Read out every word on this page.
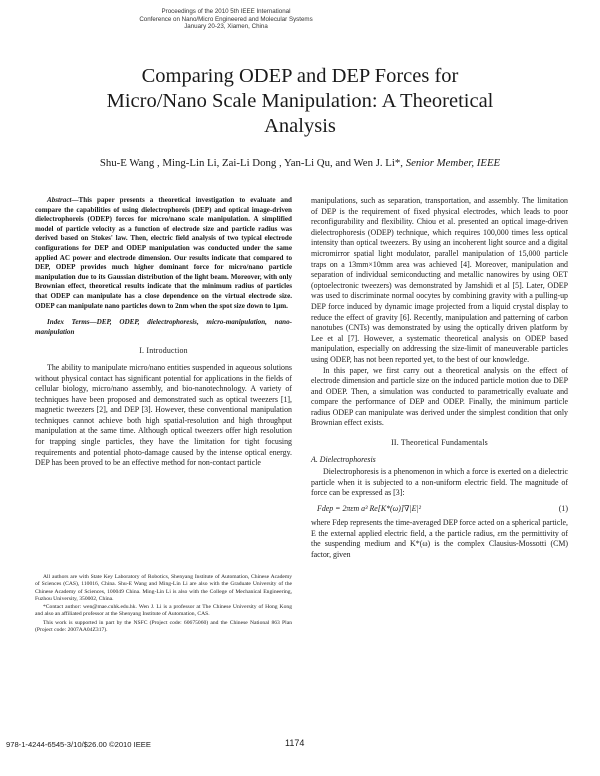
Proceedings of the 2010 5th IEEE International
Conference on Nano/Micro Engineered and Molecular Systems
January 20-23, Xiamen, China
Comparing ODEP and DEP Forces for
Micro/Nano Scale Manipulation: A Theoretical
Analysis
Shu-E Wang , Ming-Lin Li, Zai-Li Dong , Yan-Li Qu, and Wen J. Li*, Senior Member, IEEE

Abstract—This paper presents a theoretical investigation to evaluate and compare the capabilities of using dielectrophoreis (DEP) and optical image-driven dielectrophoreis (ODEP) forces for micro/nano scale manipulation. A simplified model of particle velocity as a function of electrode size and particle radius was derived based on Stokes' law. Then, electric field analysis of two typical electrode configurations for DEP and ODEP manipulation was conducted under the same applied AC power and electrode dimension. Our results indicate that compared to DEP, ODEP provides much higher dominant force for micro/nano particle manipulation due to its Gaussian distribution of the light beam. Moreover, with only Brownian effect, theoretical results indicate that the minimum radius of particles that ODEP can manipulate has a close dependence on the virtual electrode size. ODEP can manipulate nano particles down to 2nm when the spot size down to 1μm.

Index Terms—DEP, ODEP, dielectrophoresis, micro-manipulation, nano-manipulation

I. Introduction

The ability to manipulate micro/nano entities suspended in aqueous solutions without physical contact has significant potential for applications in the fields of cellular biology, micro/nano assembly, and bio-nanotechnology. A variety of techniques have been proposed and demonstrated such as optical tweezers [1], magnetic tweezers [2], and DEP [3]. However, these conventional manipulation techniques cannot achieve both high spatial-resolution and high throughput manipulation at the same time. Although optical tweezers offer high resolution for trapping single particles, they have the limitation for tight focusing requirements and potential photo-damage caused by the intense optical energy. DEP has been proved to be an effective method for non-contact particle

All authors are with State Key Laboratory of Robotics, Shenyang Institute of Automation, Chinese Academy of Sciences (CAS), 110016, China. Shu-E Wang and Ming-Lin Li are also with the Graduate University of the Chinese Academy of Sciences, 100049 China. Ming-Lin Li is also with the College of Mechanical Engineering, Fuzhou University, 350002, China.

*Contact author: wen@mae.cuhk.edu.hk. Wen J. Li is a professor at The Chinese University of Hong Kong and also an affiliated professor at the Shenyang Institute of Automation, CAS.

This work is supported in part by the NSFC (Project code: 60675060) and the Chinese National 863 Plan (Project code: 2007AA04Z317).

manipulations, such as separation, transportation, and assembly. The limitation of DEP is the requirement of fixed physical electrodes, which leads to poor reconfigurability and flexibility. Chiou et al. presented an optical image-driven dielectrophoresis (ODEP) technique, which requires 100,000 times less optical intensity than optical tweezers. By using an incoherent light source and a digital micromirror spatial light modulator, parallel manipulation of 15,000 particle traps on a 13mm×10mm area was achieved [4]. Moreover, manipulation and separation of individual semiconducting and metallic nanowires by using OET (optoelectronic tweezers) was demonstrated by Jamshidi et al [5]. Later, ODEP was used to discriminate normal oocytes by combining gravity with a pulling-up DEP force induced by dynamic image projected from a liquid crystal display to reduce the effect of gravity [6]. Recently, manipulation and patterning of carbon nanotubes (CNTs) was demonstrated by using the optically driven platform by Lee et al [7]. However, a systematic theoretical analysis on ODEP based manipulation, especially on addressing the size-limit of maneuverable particles using ODEP, has not been reported yet, to the best of our knowledge.

In this paper, we first carry out a theoretical analysis on the effect of electrode dimension and particle size on the induced particle motion due to DEP and ODEP. Then, a simulation was conducted to parametrically evaluate and compare the performance of DEP and ODEP. Finally, the minimum particle radius ODEP can manipulate was derived under the simplest condition that only Brownian effect exists.

II. Theoretical Fundamentals

A. Dielectrophoresis

Dielectrophoresis is a phenomenon in which a force is exerted on a dielectric particle when it is subjected to a non-uniform electric field. The magnitude of force can be expressed as [3]:

Fdep = 2πεm a³ Re[K*(ω)]∇|E|²	(1)

where Fdep represents the time-averaged DEP force acted on a spherical particle, E the external applied electric field, a the particle radius, εm the permittivity of the suspending medium and K*(ω) is the complex Clausius-Mossotti (CM) factor, given

978-1-4244-6545-3/10/$26.00 ©2010 IEEE	1174
